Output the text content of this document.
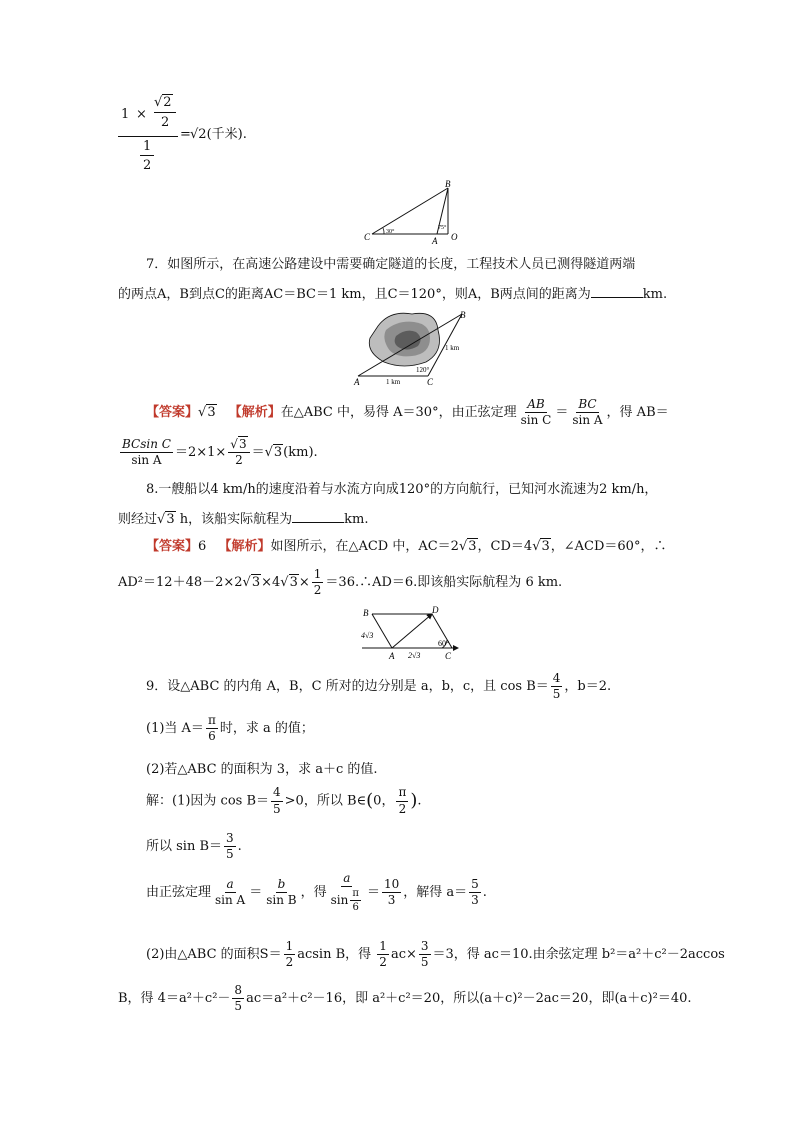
1 ×
√2
2
1
2
= √2(千米).
B
C	A O
30°
75°
7．如图所示，在高速公路建设中需要确定隧道的长度，工程技术人员已测得隧道两端
的两点A，B到点C的距离AC＝BC＝1 km，且C＝120°，则A，B两点间的距离为	km.
B
A	C
1 km
1 km
120°
【答案】√3 【解析】在△ABC 中，易得 A＝30°，由正弦定理 $\frac{AB}{\text{sin C}} = \frac{BC}{\text{sin A}}$ ，得 AB＝
$\frac{\text{BCsin C}}{\text{sin A}} =2\times 1\times \frac{√3}{2} =√3(km)$.
8.一艘船以4 km/h的速度沿着与水流方向成120°的方向航行，已知河水流速为2 km/h，
则经过√3 h，该船实际航程为	km.
【答案】6 【解析】如图所示，在△ACD 中，AC＝2√3，CD＝4√3，∠ACD＝60°，∴
$AD^2=12+48-2\times 2√3\times 4√3\times \frac{1}{2}$ ＝36.∴AD＝6.即该船实际航程为 6 km.
B	D
A	C
4√3
2√3
60°
9．设△ABC 的内角 A，B，C 所对的边分别是 a，b，c，且 $\cos B= \frac{4}{5}$ ，b＝2.
(1)当 $A= \frac{\pi}{6}$ 时，求 a 的值；
(2)若△ABC 的面积为 3，求 a＋c 的值.
解：(1)因为 $\cos B= \frac{4}{5} >0$，所以 B∈(0， $\frac{\pi}{2}$ ).
所以 $\sin B= \frac{3}{5}$ .
由正弦定理 $\frac{a}{\text{sin A}} = \frac{b}{\text{sin B}}$ ，得 $\frac{a}{\sin \frac{\pi}{6}} = \frac{10}{3}$ ，解得 $a= \frac{5}{3}$ .
(2)由△ABC 的面积$S= \frac{1}{2}$ acsin B，得 $\frac{1}{2} ac\times \frac{3}{5} =3$，得 ac＝10.由余弦定理 b²＝a²＋c²－2accos
B，得 $4=a^2+c^2- \frac{8}{5} ac=a^2+c^2-16$，即 a²＋c²＝20，所以(a＋c)²－2ac＝20，即(a＋c)²＝40.
